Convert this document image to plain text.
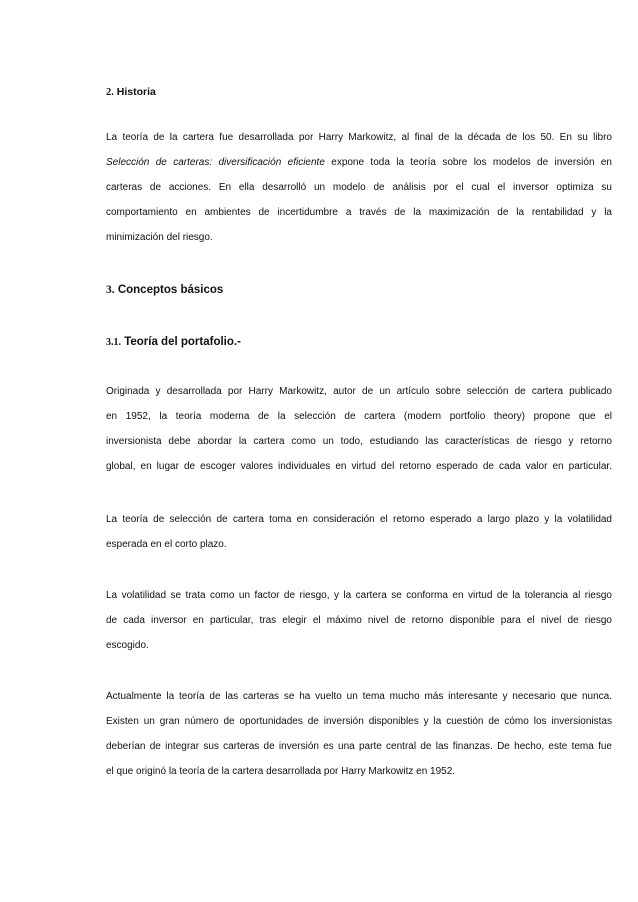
2. Historia
La teoría de la cartera fue desarrollada por Harry Markowitz, al final de la década de los 50. En su libro
Selección de carteras: diversificación eficiente expone toda la teoría sobre los modelos de inversión en
carteras de acciones. En ella desarrolló un modelo de análisis por el cual el inversor optimiza su
comportamiento en ambientes de incertidumbre a través de la maximización de la rentabilidad y la
minimización del riesgo.
3. Conceptos básicos
3.1. Teoría del portafolio.-
Originada y desarrollada por Harry Markowitz, autor de un artículo sobre selección de cartera publicado
en 1952, la teoría moderna de la selección de cartera (modern portfolio theory) propone que el
inversionista debe abordar la cartera como un todo, estudiando las características de riesgo y retorno
global, en lugar de escoger valores individuales en virtud del retorno esperado de cada valor en particular.
La teoría de selección de cartera toma en consideración el retorno esperado a largo plazo y la volatilidad
esperada en el corto plazo.
La volatilidad se trata como un factor de riesgo, y la cartera se conforma en virtud de la tolerancia al riesgo
de cada inversor en particular, tras elegir el máximo nivel de retorno disponible para el nivel de riesgo
escogido.
Actualmente la teoría de las carteras se ha vuelto un tema mucho más interesante y necesario que nunca.
Existen un gran número de oportunidades de inversión disponibles y la cuestión de cómo los inversionistas
deberían de integrar sus carteras de inversión es una parte central de las finanzas. De hecho, este tema fue
el que originó la teoría de la cartera desarrollada por Harry Markowitz en 1952.
